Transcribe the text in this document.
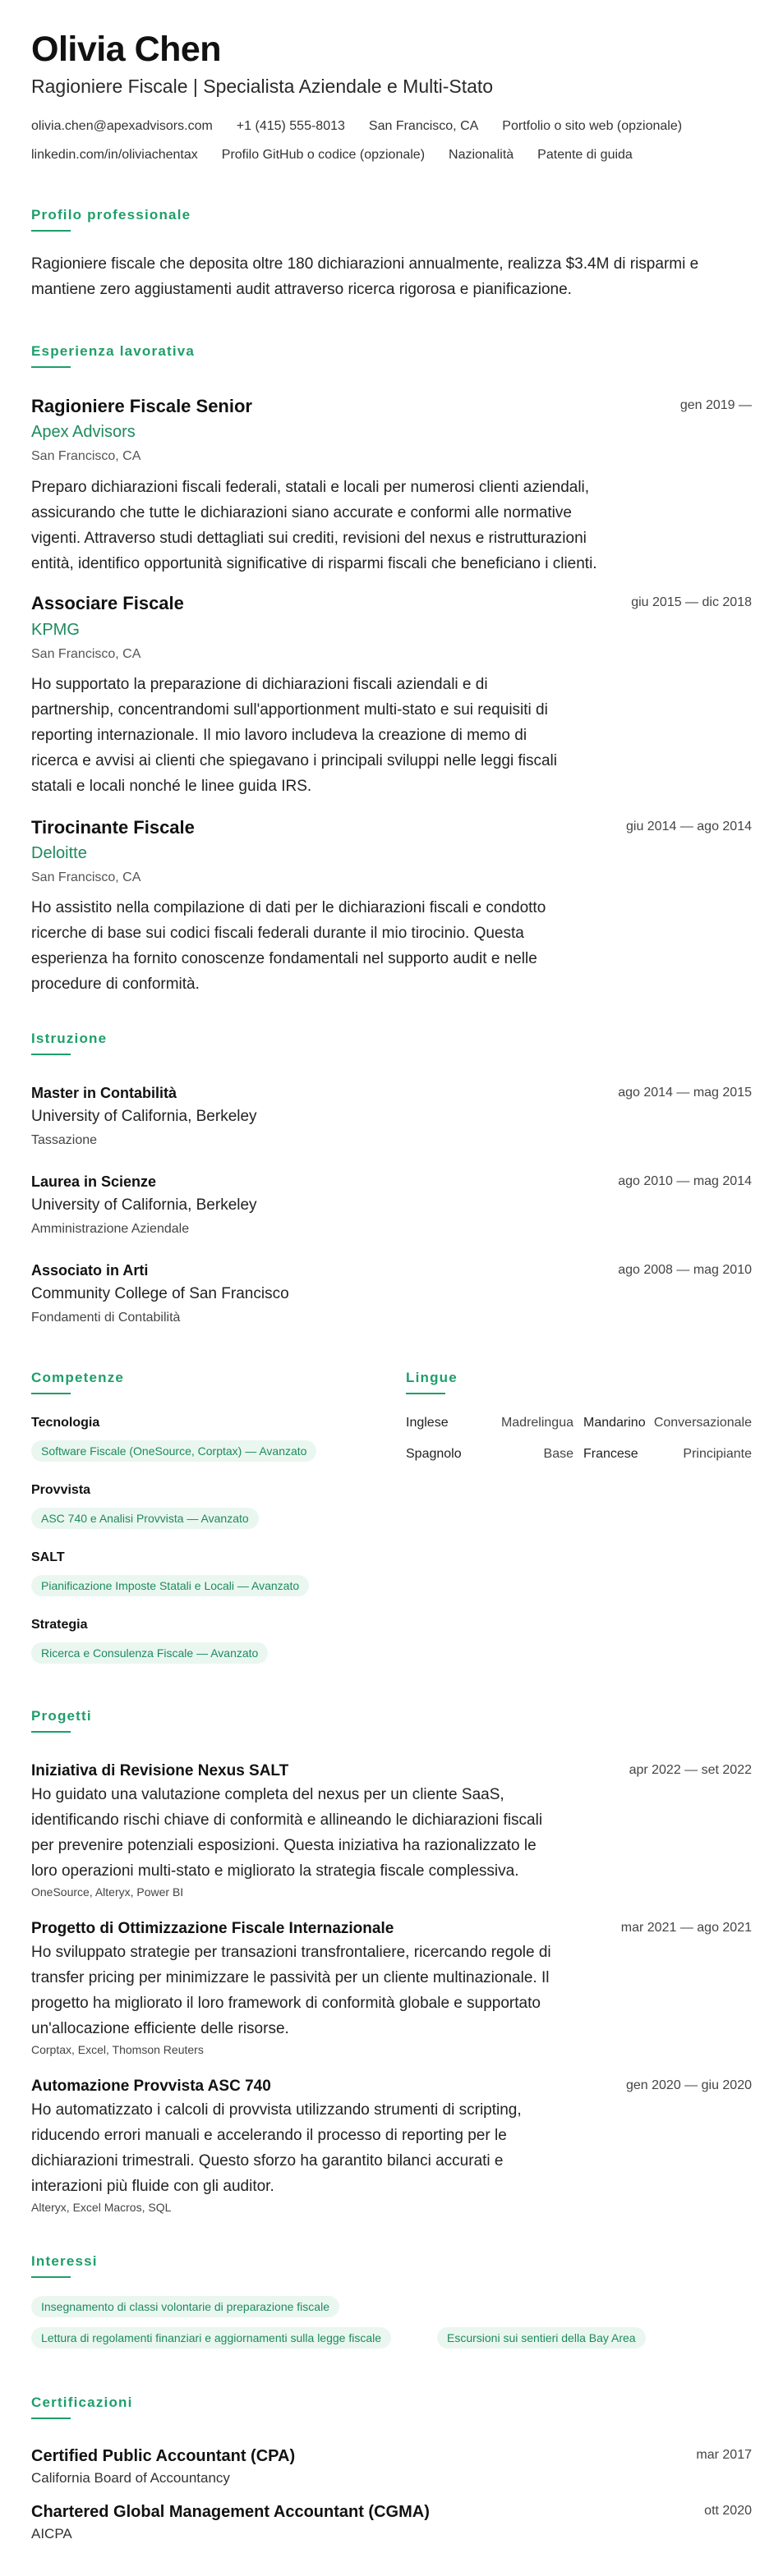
Olivia Chen
Ragioniere Fiscale | Specialista Aziendale e Multi-Stato
olivia.chen@apexadvisors.com +1 (415) 555-8013 San Francisco, CA Portfolio o sito web (opzionale)
linkedin.com/in/oliviachentax Profilo GitHub o codice (opzionale) Nazionalità Patente di guida
Profilo professionale
Ragioniere fiscale che deposita oltre 180 dichiarazioni annualmente, realizza $3.4M di risparmi e
mantiene zero aggiustamenti audit attraverso ricerca rigorosa e pianificazione.
Esperienza lavorativa
Ragioniere Fiscale Senior	gen 2019 —
Apex Advisors
San Francisco, CA
Preparo dichiarazioni fiscali federali, statali e locali per numerosi clienti aziendali,
assicurando che tutte le dichiarazioni siano accurate e conformi alle normative
vigenti. Attraverso studi dettagliati sui crediti, revisioni del nexus e ristrutturazioni
entità, identifico opportunità significative di risparmi fiscali che beneficiano i clienti.
Associare Fiscale	giu 2015 — dic 2018
KPMG
San Francisco, CA
Ho supportato la preparazione di dichiarazioni fiscali aziendali e di
partnership, concentrandomi sull'apportionment multi-stato e sui requisiti di
reporting internazionale. Il mio lavoro includeva la creazione di memo di
ricerca e avvisi ai clienti che spiegavano i principali sviluppi nelle leggi fiscali
statali e locali nonché le linee guida IRS.
Tirocinante Fiscale	giu 2014 — ago 2014
Deloitte
San Francisco, CA
Ho assistito nella compilazione di dati per le dichiarazioni fiscali e condotto
ricerche di base sui codici fiscali federali durante il mio tirocinio. Questa
esperienza ha fornito conoscenze fondamentali nel supporto audit e nelle
procedure di conformità.
Istruzione
Master in Contabilità	ago 2014 — mag 2015
University of California, Berkeley
Tassazione
Laurea in Scienze	ago 2010 — mag 2014
University of California, Berkeley
Amministrazione Aziendale
Associato in Arti	ago 2008 — mag 2010
Community College of San Francisco
Fondamenti di Contabilità
Competenze
Tecnologia
Software Fiscale (OneSource, Corptax) — Avanzato
Provvista
ASC 740 e Analisi Provvista — Avanzato
SALT
Pianificazione Imposte Statali e Locali — Avanzato
Strategia
Ricerca e Consulenza Fiscale — Avanzato
Lingue
Inglese	Madrelingua Mandarino Conversazionale
Spagnolo	Base Francese	Principiante
Progetti
Iniziativa di Revisione Nexus SALT	apr 2022 — set 2022
Ho guidato una valutazione completa del nexus per un cliente SaaS,
identificando rischi chiave di conformità e allineando le dichiarazioni fiscali
per prevenire potenziali esposizioni. Questa iniziativa ha razionalizzato le
loro operazioni multi-stato e migliorato la strategia fiscale complessiva.
OneSource, Alteryx, Power BI
Progetto di Ottimizzazione Fiscale Internazionale	mar 2021 — ago 2021
Ho sviluppato strategie per transazioni transfrontaliere, ricercando regole di
transfer pricing per minimizzare le passività per un cliente multinazionale. Il
progetto ha migliorato il loro framework di conformità globale e supportato
un'allocazione efficiente delle risorse.
Corptax, Excel, Thomson Reuters
Automazione Provvista ASC 740	gen 2020 — giu 2020
Ho automatizzato i calcoli di provvista utilizzando strumenti di scripting,
riducendo errori manuali e accelerando il processo di reporting per le
dichiarazioni trimestrali. Questo sforzo ha garantito bilanci accurati e
interazioni più fluide con gli auditor.
Alteryx, Excel Macros, SQL
Interessi
Insegnamento di classi volontarie di preparazione fiscale
Lettura di regolamenti finanziari e aggiornamenti sulla legge fiscale	Escursioni sui sentieri della Bay Area
Certificazioni
Certified Public Accountant (CPA)	mar 2017
California Board of Accountancy
Chartered Global Management Accountant (CGMA)	ott 2020
AICPA
